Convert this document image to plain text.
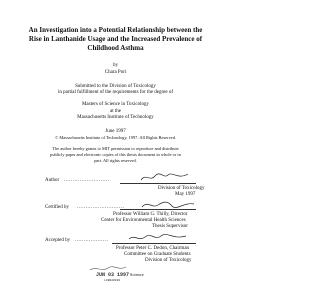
An Investigation into a Potential Relationship between the
Rise in Lanthanide Usage and the Increased Prevalence of
Childhood Asthma
by
Chara Pori
Submitted to the Division of Toxicology
in partial fulfillment of the requirements for the degree of
Masters of Science in Toxicology
at the
Massachusetts Institute of Technology
June 1997
© Massachusetts Institute of Technology, 1997. All Rights Reserved.
The author hereby grants to MIT permission to reproduce and distribute
publicly paper and electronic copies of this thesis document in whole or in
part. All rights reserved.
Author ..........................
Division of Toxicology
May 1997
Certified by ...........................
Professor William G. Thilly, Director
Center for Environmental Health Sciences
Thesis Supervisor
Accepted by ...................
Professor Peter C. Dedon, Chairman
Committee on Graduate Students
Division of Toxicology
JUN 03 1997 Science
LIBRARIES
